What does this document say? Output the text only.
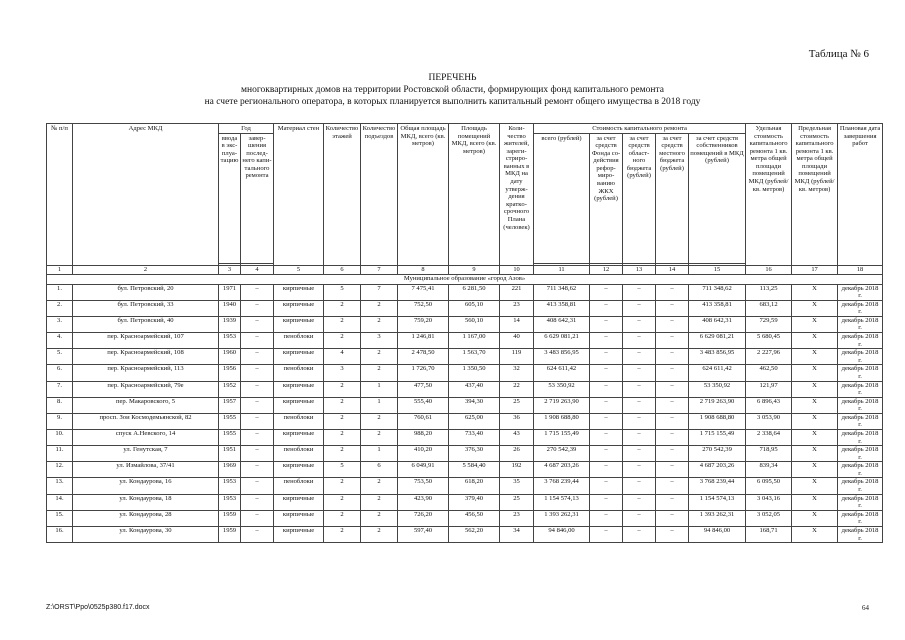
Таблица № 6
ПЕРЕЧЕНЬ
многоквартирных домов на территории Ростовской области, формирующих фонд капитального ремонта
на счете регионального оператора, в которых планируется выполнить капитальный ремонт общего имущества в 2018 году
№ п/п	Адрес МКД	Год		Материал стен	Количество этажей	Количество подъездов	Общая площадь МКД, всего (кв. метров)	Площадь помещений МКД, всего (кв. метров)	Количество жителей, зарегистрированных в МКД на дату утверждения краткoсрочного Плана (человек)	Стоимость капитального ремонта					Удельная стоимость капитального ремонта 1 кв. метра общей площади помещений МКД (рублей/ кв. метров)	Предельная стоимость капитального ремонта 1 кв. метра общей площади помещений МКД (рублей/ кв. метров)	Плановая дата завершения работ
		ввода в эксплуатацию	завершения последнего капитального ремонта							всего (рублей)	за счет средств Фонда содействия реформированию ЖКХ (рублей)	за счет средств областного бюджета (рублей)	за счет средств местного бюджета (рублей)	за счет средств собственников помещений в МКД (рублей)			

1	2	3	4	5	6	7	8	9	10	11	12	13	14	15	16	17	18
Муниципальное образование «город Азов»																	
1.	бул. Петровский, 20	1971	–	кирпичные	5	7	7 475,41	6 281,50	221	711 348,62	–	–	–	711 348,62	113,25	Х	декабрь 2018 г.
2.	бул. Петровский, 33	1940	–	кирпичные	2	2	752,50	605,10	23	413 358,81	–	–	–	413 358,81	683,12	Х	декабрь 2018 г.
3.	бул. Петровский, 40	1939	–	кирпичные	2	2	759,20	560,10	14	408 642,31	–	–	–	408 642,31	729,59	Х	декабрь 2018 г.
4.	пер. Красноармейский, 107	1953	–	пеноблоки	2	3	1 246,81	1 167,00	40	6 629 081,21	–	–	–	6 629 081,21	5 680,45	Х	декабрь 2018 г.
5.	пер. Красноармейский, 108	1960	–	кирпичные	4	2	2 478,50	1 563,70	119	3 483 856,95	–	–	–	3 483 856,95	2 227,96	Х	декабрь 2018 г.
6.	пер. Красноармейский, 113	1956	–	пеноблоки	3	2	1 726,70	1 350,50	32	624 611,42	–	–	–	624 611,42	462,50	Х	декабрь 2018 г.
7.	пер. Красноармейский, 79е	1952	–	кирпичные	2	1	477,50	437,40	22	53 350,92	–	–	–	53 350,92	121,97	Х	декабрь 2018 г.
8.	пер. Макаровского, 5	1957	–	кирпичные	2	1	555,40	394,30	25	2 719 263,90	–	–	–	2 719 263,90	6 896,43	Х	декабрь 2018 г.
9.	просп. Зои Космодемьянской, 82	1955	–	пеноблоки	2	2	760,61	625,00	36	1 908 688,80	–	–	–	1 908 688,80	3 053,90	Х	декабрь 2018 г.
10.	спуск А.Невского, 14	1955	–	кирпичные	2	2	988,20	733,40	43	1 715 155,49	–	–	–	1 715 155,49	2 338,64	Х	декабрь 2018 г.
11.	ул. Генутская, 7	1951	–	пеноблоки	2	1	410,20	376,30	26	270 542,39	–	–	–	270 542,39	718,95	Х	декабрь 2018 г.
12.	ул. Измайлова, 37/41	1969	–	кирпичные	5	6	6 049,91	5 584,40	192	4 687 203,26	–	–	–	4 687 203,26	839,34	Х	декабрь 2018 г.
13.	ул. Кондаурова, 16	1953	–	пеноблоки	2	2	753,50	618,20	35	3 768 239,44	–	–	–	3 768 239,44	6 095,50	Х	декабрь 2018 г.
14.	ул. Кондаурова, 18	1953	–	кирпичные	2	2	423,90	379,40	25	1 154 574,13	–	–	–	1 154 574,13	3 043,16	Х	декабрь 2018 г.
15.	ул. Кондаурова, 28	1959	–	кирпичные	2	2	726,20	456,50	23	1 393 262,31	–	–	–	1 393 262,31	3 052,05	Х	декабрь 2018 г.
16.	ул. Кондаурова, 30	1959	–	кирпичные	2	2	597,40	562,20	34	94 846,00	–	–	–	94 846,00	168,71	Х	декабрь 2018 г.
Z:\ORST\Ppo\0525p380.f17.docx	64
